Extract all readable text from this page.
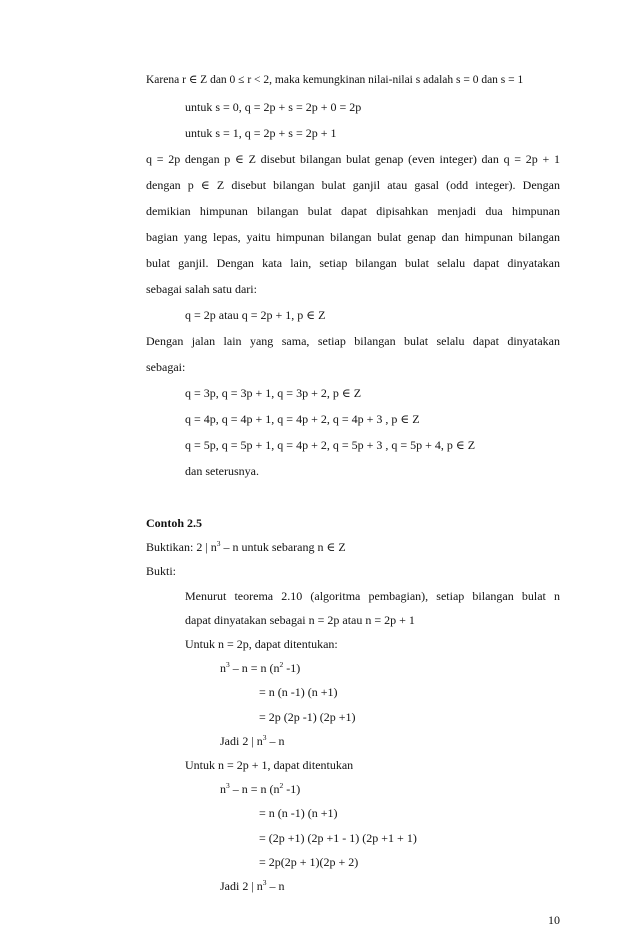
Karena r ∈ Z dan 0 ≤ r < 2, maka kemungkinan nilai-nilai s adalah s = 0 dan s = 1
untuk s = 0, q = 2p + s = 2p + 0 = 2p
untuk s = 1, q = 2p + s = 2p + 1
q = 2p dengan p ∈ Z disebut bilangan bulat genap (even integer) dan q = 2p + 1
dengan p ∈ Z disebut bilangan bulat ganjil atau gasal (odd integer). Dengan
demikian himpunan bilangan bulat dapat dipisahkan menjadi dua himpunan
bagian yang lepas, yaitu himpunan bilangan bulat genap dan himpunan bilangan
bulat ganjil. Dengan kata lain, setiap bilangan bulat selalu dapat dinyatakan
sebagai salah satu dari:
q = 2p atau q = 2p + 1, p ∈ Z
Dengan jalan lain yang sama, setiap bilangan bulat selalu dapat dinyatakan
sebagai:
q = 3p, q = 3p + 1, q = 3p + 2, p ∈ Z
q = 4p, q = 4p + 1, q = 4p + 2, q = 4p + 3 , p ∈ Z
q = 5p, q = 5p + 1, q = 4p + 2, q = 5p + 3 , q = 5p + 4, p ∈ Z
dan seterusnya.
Contoh 2.5
Buktikan: 2 | $n^3$ – n untuk sebarang n ∈ Z
Bukti:
Menurut teorema 2.10 (algoritma pembagian), setiap bilangan bulat n
dapat dinyatakan sebagai n = 2p atau n = 2p + 1
Untuk n = 2p, dapat ditentukan:
$n^3 - n = n$ ($n^2$ -1)
= n (n -1) (n +1)
= 2p (2p -1) (2p +1)
Jadi 2 | $n^3$ – n
Untuk n = 2p + 1, dapat ditentukan
$n^3 - n = n$ ($n^2$ -1)
= n (n -1) (n +1)
= (2p +1) (2p +1 - 1) (2p +1 + 1)
= 2p(2p + 1)(2p + 2)
10
Jadi 2 | $n^3$ – n
